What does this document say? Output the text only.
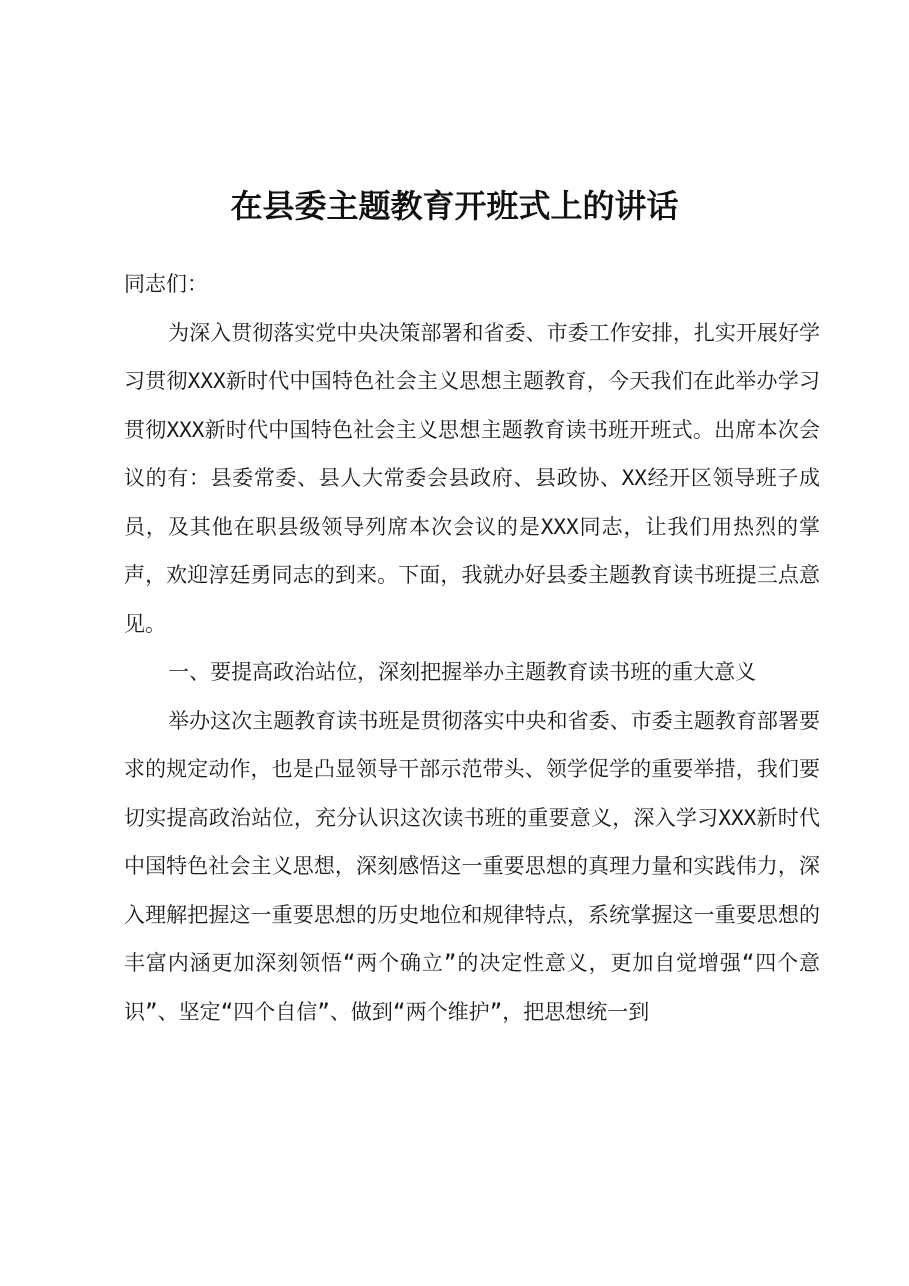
在县委主题教育开班式上的讲话

同志们：

为深入贯彻落实党中央决策部署和省委、市委工作安排，扎实开展好学习贯彻XXX新时代中国特色社会主义思想主题教育，今天我们在此举办学习贯彻XXX新时代中国特色社会主义思想主题教育读书班开班式。出席本次会议的有：县委常委、县人大常委会县政府、县政协、XX经开区领导班子成员，及其他在职县级领导列席本次会议的是XXX同志，让我们用热烈的掌声，欢迎淳廷勇同志的到来。下面，我就办好县委主题教育读书班提三点意见。

一、要提高政治站位，深刻把握举办主题教育读书班的重大意义

举办这次主题教育读书班是贯彻落实中央和省委、市委主题教育部署要求的规定动作，也是凸显领导干部示范带头、领学促学的重要举措，我们要切实提高政治站位，充分认识这次读书班的重要意义，深入学习XXX新时代中国特色社会主义思想，深刻感悟这一重要思想的真理力量和实践伟力，深入理解把握这一重要思想的历史地位和规律特点，系统掌握这一重要思想的丰富内涵更加深刻领悟“两个确立”的决定性意义，更加自觉增强“四个意识”、坚定“四个自信”、做到“两个维护”，把思想统一到
